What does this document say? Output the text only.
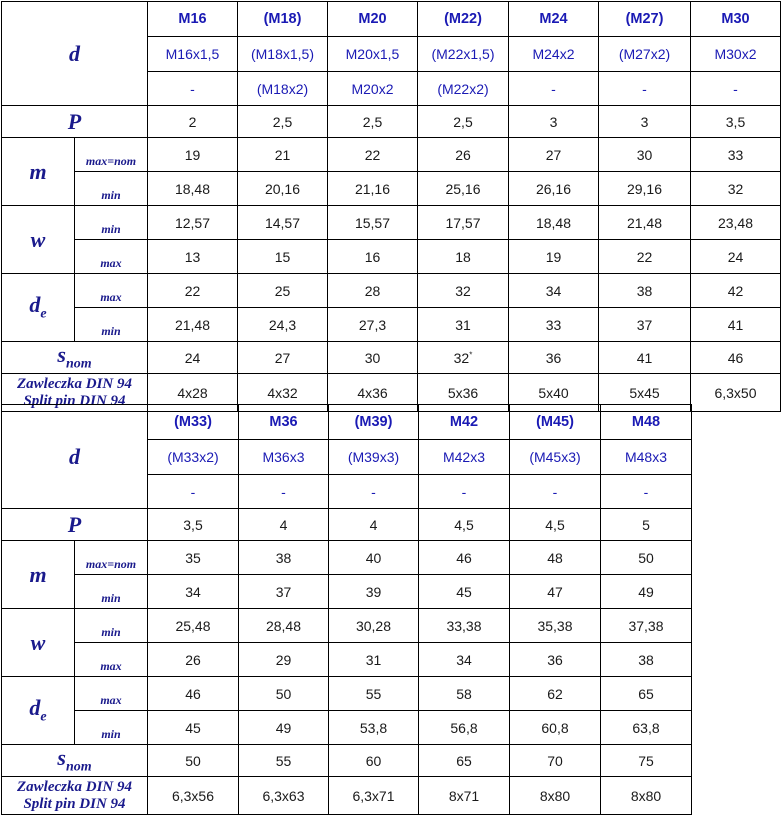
d		M16	(M18)	M20	(M22)	M24	(M27)	M30
		M16x1,5	(M18x1,5)	M20x1,5	(M22x1,5)	M24x2	(M27x2)	M30x2
		-	(M18x2)	M20x2	(M22x2)	-	-	-
P		2	2,5	2,5	2,5	3	3	3,5
m	max=nom	19	21	22	26	27	30	33
	min	18,48	20,16	21,16	25,16	26,16	29,16	32
w	min	12,57	14,57	15,57	17,57	18,48	21,48	23,48
	max	13	15	16	18	19	22	24
$d_e$	max	22	25	28	32	34	38	42
	min	21,48	24,3	27,3	31	33	37	41
$s_{nom}$		24	27	30	32*	36	41	46

Zawleczka DIN 94
Split pin DIN 94		4x28	4x32	4x36	5x36	5x40	5x45	6,3x50
d		(M33)	M36	(M39)	M42	(M45)	M48
		(M33x2)	M36x3	(M39x3)	M42x3	(M45x3)	M48x3
		-	-	-	-	-	-
P		3,5	4	4	4,5	4,5	5
m	max=nom	35	38	40	46	48	50
	min	34	37	39	45	47	49
w	min	25,48	28,48	30,28	33,38	35,38	37,38
	max	26	29	31	34	36	38
$d_e$	max	46	50	55	58	62	65
	min	45	49	53,8	56,8	60,8	63,8
$s_{nom}$		50	55	60	65	70	75

Zawleczka DIN 94
Split pin DIN 94		6,3x56	6,3x63	6,3x71	8x71	8x80	8x80
